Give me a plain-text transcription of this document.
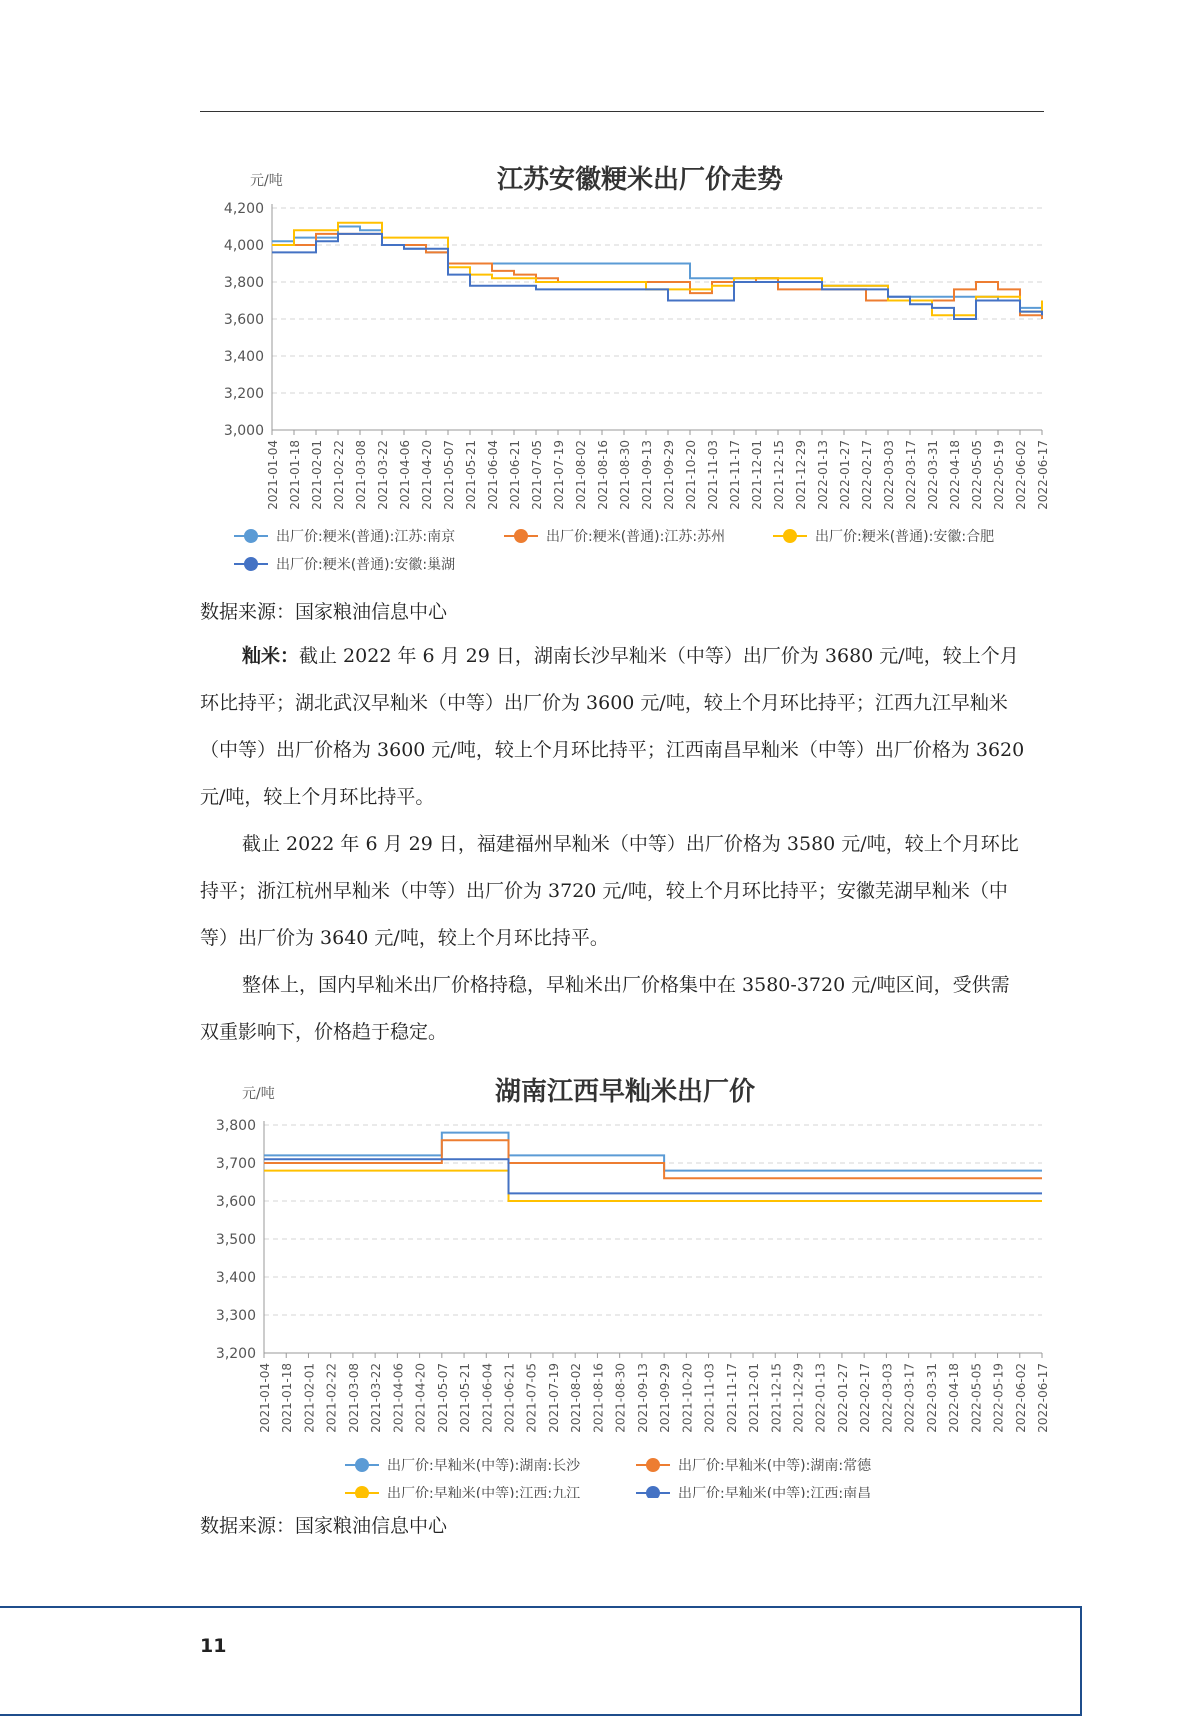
江苏安徽粳米出厂价走势
元/吨
3,000
3,200
3,400
3,600
3,800
4,000
4,200
2021-01-04 2021-01-18 2021-02-01 2021-02-22 2021-03-08 2021-03-22 2021-04-06 2021-04-20 2021-05-07 2021-05-21 2021-06-04 2021-06-21 2021-07-05 2021-07-19 2021-08-02 2021-08-16 2021-08-30 2021-09-13 2021-09-29 2021-10-20 2021-11-03 2021-11-17 2021-12-01 2021-12-15 2021-12-29 2022-01-13 2022-01-27 2022-02-17 2022-03-03 2022-03-17 2022-03-31 2022-04-18 2022-05-05 2022-05-19 2022-06-02 2022-06-17
出厂价:粳米(普通):江苏:南京	出厂价:粳米(普通):江苏:苏州	出厂价:粳米(普通):安徽:合肥
出厂价:粳米(普通):安徽:巢湖
数据来源：国家粮油信息中心

籼米：截止 2022 年 6 月 29 日，湖南长沙早籼米（中等）出厂价为 3680 元/吨，较上个月环比持平；湖北武汉早籼米（中等）出厂价为 3600 元/吨，较上个月环比持平；江西九江早籼米（中等）出厂价格为 3600 元/吨，较上个月环比持平；江西南昌早籼米（中等）出厂价格为 3620 元/吨，较上个月环比持平。

截止 2022 年 6 月 29 日，福建福州早籼米（中等）出厂价格为 3580 元/吨，较上个月环比持平；浙江杭州早籼米（中等）出厂价为 3720 元/吨，较上个月环比持平；安徽芜湖早籼米（中等）出厂价为 3640 元/吨，较上个月环比持平。

整体上，国内早籼米出厂价格持稳，早籼米出厂价格集中在 3580-3720 元/吨区间，受供需双重影响下，价格趋于稳定。

湖南江西早籼米出厂价
元/吨
3,200
3,300
3,400
3,500
3,600
3,700
3,800
2021-01-04 2021-01-18 2021-02-01 2021-02-22 2021-03-08 2021-03-22 2021-04-06 2021-04-20 2021-05-07 2021-05-21 2021-06-04 2021-06-21 2021-07-05 2021-07-19 2021-08-02 2021-08-16 2021-08-30 2021-09-13 2021-09-29 2021-10-20 2021-11-03 2021-11-17 2021-12-01 2021-12-15 2021-12-29 2022-01-13 2022-01-27 2022-02-17 2022-03-03 2022-03-17 2022-03-31 2022-04-18 2022-05-05 2022-05-19 2022-06-02 2022-06-17
出厂价:早籼米(中等):湖南:长沙	出厂价:早籼米(中等):湖南:常德
出厂价:早籼米(中等):江西:九江	出厂价:早籼米(中等):江西:南昌
数据来源：国家粮油信息中心
11
